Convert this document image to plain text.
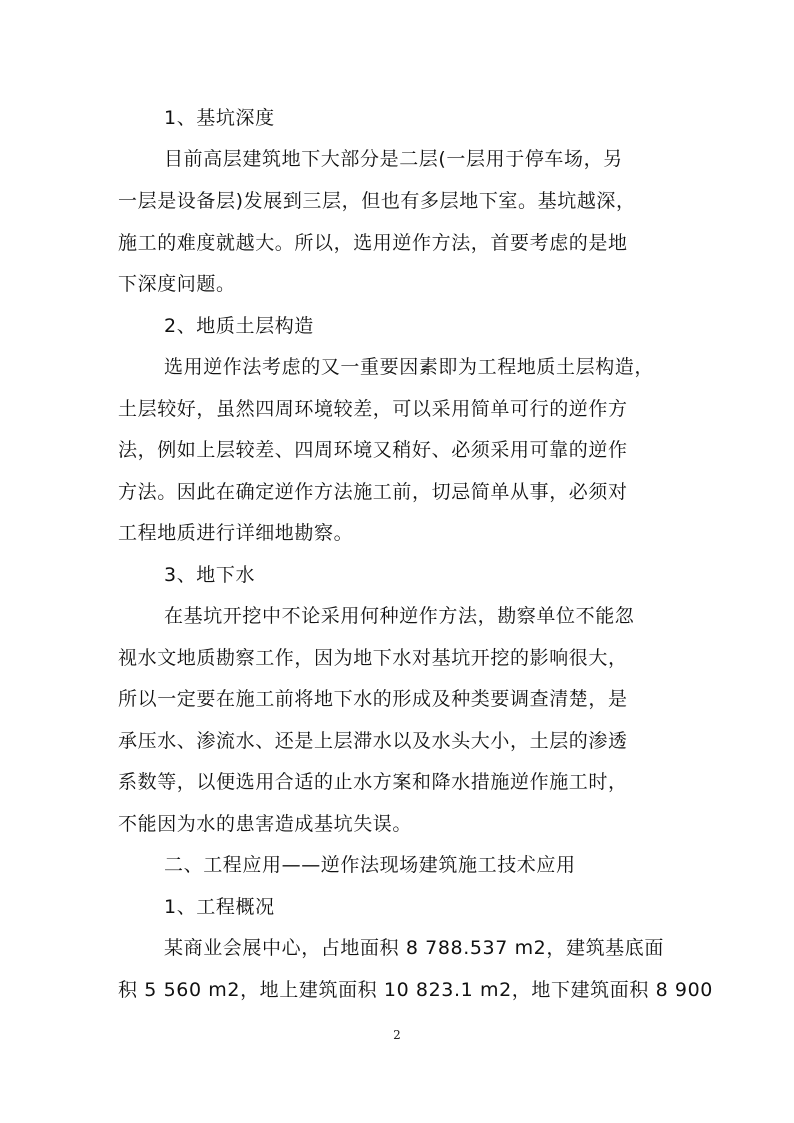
1、基坑深度

目前高层建筑地下大部分是二层(一层用于停车场，另

一层是设备层)发展到三层，但也有多层地下室。基坑越深，

施工的难度就越大。所以，选用逆作方法，首要考虑的是地

下深度问题。

2、地质土层构造

选用逆作法考虑的又一重要因素即为工程地质土层构造，

土层较好，虽然四周环境较差，可以采用简单可行的逆作方

法，例如上层较差、四周环境又稍好、必须采用可靠的逆作

方法。因此在确定逆作方法施工前，切忌简单从事，必须对

工程地质进行详细地勘察。

3、地下水

在基坑开挖中不论采用何种逆作方法，勘察单位不能忽

视水文地质勘察工作，因为地下水对基坑开挖的影响很大，

所以一定要在施工前将地下水的形成及种类要调查清楚，是

承压水、渗流水、还是上层滞水以及水头大小，土层的渗透

系数等，以便选用合适的止水方案和降水措施逆作施工时，

不能因为水的患害造成基坑失误。

二、工程应用——逆作法现场建筑施工技术应用

1、工程概况

某商业会展中心，占地面积 8 788.537 m2，建筑基底面

积 5 560 m2，地上建筑面积 10 823.1 m2，地下建筑面积 8 900

2
